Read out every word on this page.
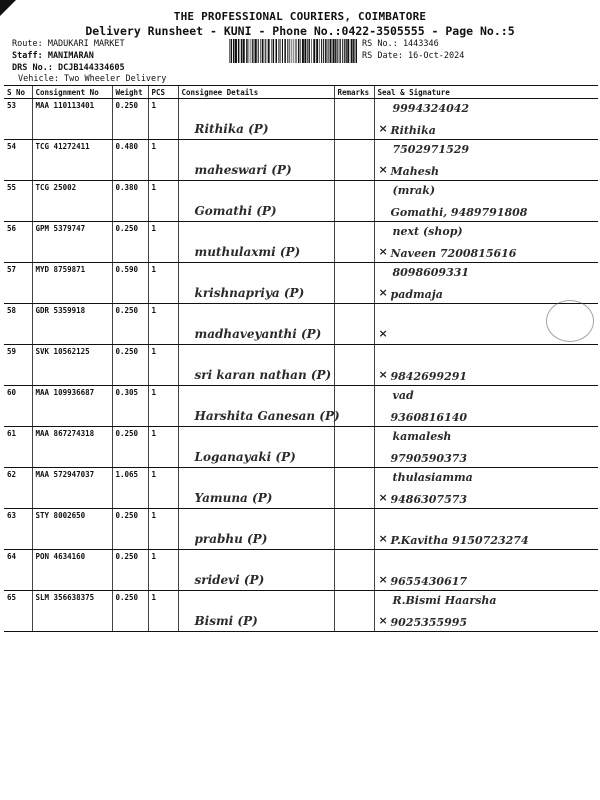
THE PROFESSIONAL COURIERS, COIMBATORE
Delivery Runsheet - KUNI - Phone No.:0422-3505555 - Page No.:5
Route: MADUKARI MARKET
Staff: MANIMARAN
DRS No.: DCJB144334605
Vehicle: Two Wheeler Delivery
RS No.: 1443346
RS Date: 16-Oct-2024
S No	Consignment No	Weight	PCS	Consignee Details	Remarks	Seal & Signature
53	MAA 110113401	0.250	1	Rithika (P)		×
9994324042
Rithika

54	TCG 41272411	0.480	1	maheswari (P)		×
7502971529
Mahesh

55	TCG 25002	0.380	1	Gomathi (P)		(mrak)
Gomathi, 9489791808

56	GPM 5379747	0.250	1	muthulaxmi (P)		×
next (shop)
Naveen 7200815616

57	MYD 8759871	0.590	1	krishnapriya (P)		×
8098609331
padmaja

58	GDR 5359918	0.250	1	madhaveyanthi (P)		×

59	SVK 10562125	0.250	1	sri karan nathan (P)		× 9842699291

60	MAA 109936687	0.305	1	Harshita Ganesan (P)		vad
9360816140

61	MAA 867274318	0.250	1	Loganayaki (P)		kamalesh
9790590373

62	MAA 572947037	1.065	1	Yamuna (P)		×
thulasiamma
9486307573

63	STY 8002650	0.250	1	prabhu (P)		× P.Kavitha 9150723274

64	PON 4634160	0.250	1	sridevi (P)		× 9655430617

65	SLM 356638375	0.250	1	Bismi (P)		×
R.Bismi Haarsha
9025355995
